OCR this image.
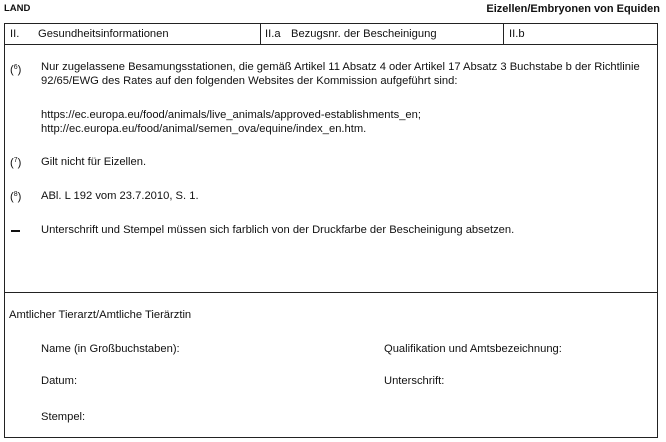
LAND	Eizellen/Embryonen von Equiden
II. Gesundheitsinformationen	II.a Bezugsnr. der Bescheinigung	II.b
($^6$) Nur zugelassene Besamungsstationen, die gemäß Artikel 11 Absatz 4 oder Artikel 17 Absatz 3 Buchstabe b der Richtlinie
92/65/EWG des Rates auf den folgenden Websites der Kommission aufgeführt sind:
https://ec.europa.eu/food/animals/live_animals/approved-establishments_en;
http://ec.europa.eu/food/animal/semen_ova/equine/index_en.htm.
($^7$) Gilt nicht für Eizellen.
($^8$) ABl. L 192 vom 23.7.2010, S. 1.
Unterschrift und Stempel müssen sich farblich von der Druckfarbe der Bescheinigung absetzen.
Amtlicher Tierarzt/Amtliche Tierärztin
Name (in Großbuchstaben):	Qualifikation und Amtsbezeichnung:
Datum:	Unterschrift:
Stempel:
